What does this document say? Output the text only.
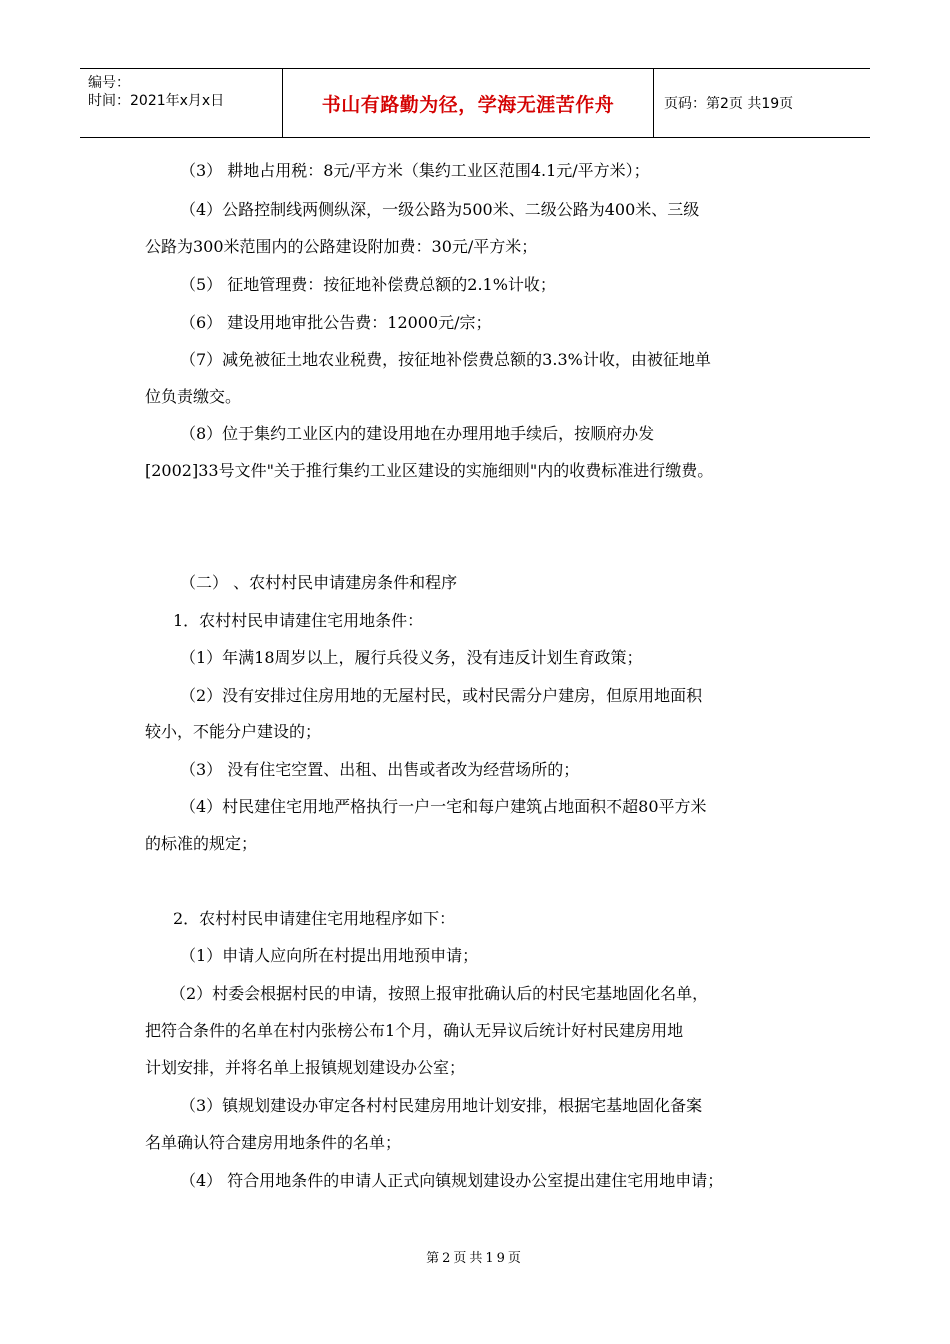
编号：
时间：2021年x月x日	书山有路勤为径，学海无涯苦作舟	页码：第2页 共19页
（3） 耕地占用税：8元/平方米（集约工业区范围4.1元/平方米）；
（4）公路控制线两侧纵深，一级公路为500米、二级公路为400米、三级
公路为300米范围内的公路建设附加费：30元/平方米；
（5） 征地管理费：按征地补偿费总额的2.1%计收；
（6） 建设用地审批公告费：12000元/宗；
（7）减免被征土地农业税费，按征地补偿费总额的3.3%计收，由被征地单
位负责缴交。
（8）位于集约工业区内的建设用地在办理用地手续后，按顺府办发
[2002]33号文件"关于推行集约工业区建设的实施细则"内的收费标准进行缴费。
（二） 、农村村民申请建房条件和程序
1．农村村民申请建住宅用地条件：
（1）年满18周岁以上，履行兵役义务，没有违反计划生育政策；
（2）没有安排过住房用地的无屋村民，或村民需分户建房，但原用地面积
较小，不能分户建设的；
（3） 没有住宅空置、出租、出售或者改为经营场所的；
（4）村民建住宅用地严格执行一户一宅和每户建筑占地面积不超80平方米
的标准的规定；
2．农村村民申请建住宅用地程序如下：
（1）申请人应向所在村提出用地预申请；
（2）村委会根据村民的申请，按照上报审批确认后的村民宅基地固化名单，
把符合条件的名单在村内张榜公布1个月，确认无异议后统计好村民建房用地
计划安排，并将名单上报镇规划建设办公室；
（3）镇规划建设办审定各村村民建房用地计划安排，根据宅基地固化备案
名单确认符合建房用地条件的名单；
（4） 符合用地条件的申请人正式向镇规划建设办公室提出建住宅用地申请；
第2页共19页
